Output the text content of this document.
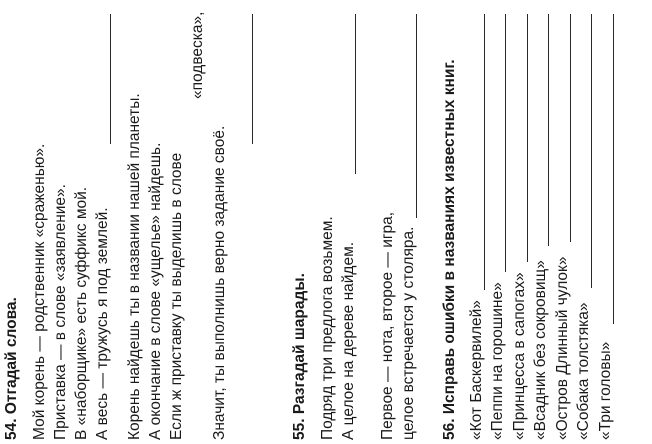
54. Отгадай слова. Мой корень — родственник «сраженью». Приставка — в слове «заявление». В «наборщике» есть суффикс мой. А весь — тружусь я под землей. Корень найдешь ты в названии нашей планеты. А окончание в слове «ущелье» найдешь. Если ж приставку ты выделишь в слове
«подвеска»,
Значит, ты выполнишь верно задание своё.	55. Разгадай шарады. Подряд три предлога возьмем. А целое на дереве найдем. Первое — нота, второе — игра, целое встречается у столяра. 56. Исправь ошибки в названиях известных книг. «Кот Баскервилей» «Пеппи на горошине» «Принцесса в сапогах» «Всадник без сокровищ» «Остров Длинный чулок» «Собака толстяка» «Три головы»
